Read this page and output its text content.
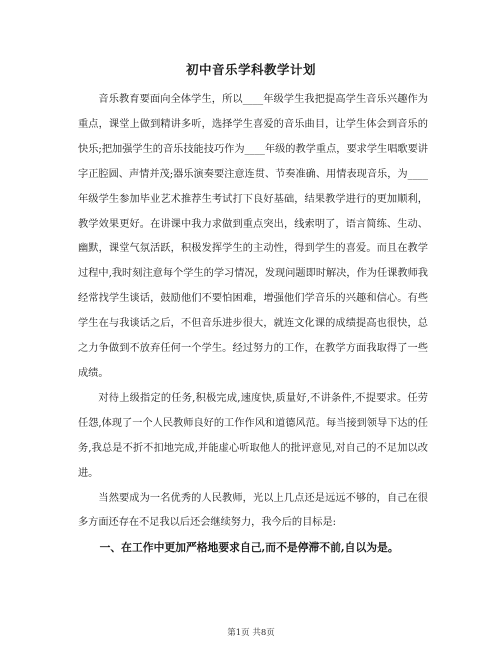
初中音乐学科教学计划

音乐教育要面向全体学生，所以____年级学生我把提高学生音乐兴趣作为重点，课堂上做到精讲多听，选择学生喜爱的音乐曲目，让学生体会到音乐的快乐;把加强学生的音乐技能技巧作为____年级的教学重点，要求学生唱歌要讲字正腔圆、声情并茂;器乐演奏要注意连贯、节奏准确、用情表现音乐，为____年级学生参加毕业艺术推荐生考试打下良好基础，结果教学进行的更加顺利，教学效果更好。在讲课中我力求做到重点突出，线索明了，语言简练、生动、幽默，课堂气氛活跃，积极发挥学生的主动性，得到学生的喜爱。而且在教学过程中,我时刻注意每个学生的学习情况，发现问题即时解决，作为任课教师我经常找学生谈话，鼓励他们不要怕困难，增强他们学音乐的兴趣和信心。有些学生在与我谈话之后，不但音乐进步很大，就连文化课的成绩提高也很快，总之力争做到不放弃任何一个学生。经过努力的工作，在教学方面我取得了一些成绩。

对待上级指定的任务,积极完成,速度快,质量好,不讲条件,不提要求。任劳任怨,体现了一个人民教师良好的工作作风和道德风范。每当接到领导下达的任务,我总是不折不扣地完成,并能虚心听取他人的批评意见,对自己的不足加以改进。

当然要成为一名优秀的人民教师，光以上几点还是远远不够的，自己在很多方面还存在不足我以后还会继续努力，我今后的目标是:

一、在工作中更加严格地要求自己,而不是停滞不前,自以为是。

第1页 共8页
